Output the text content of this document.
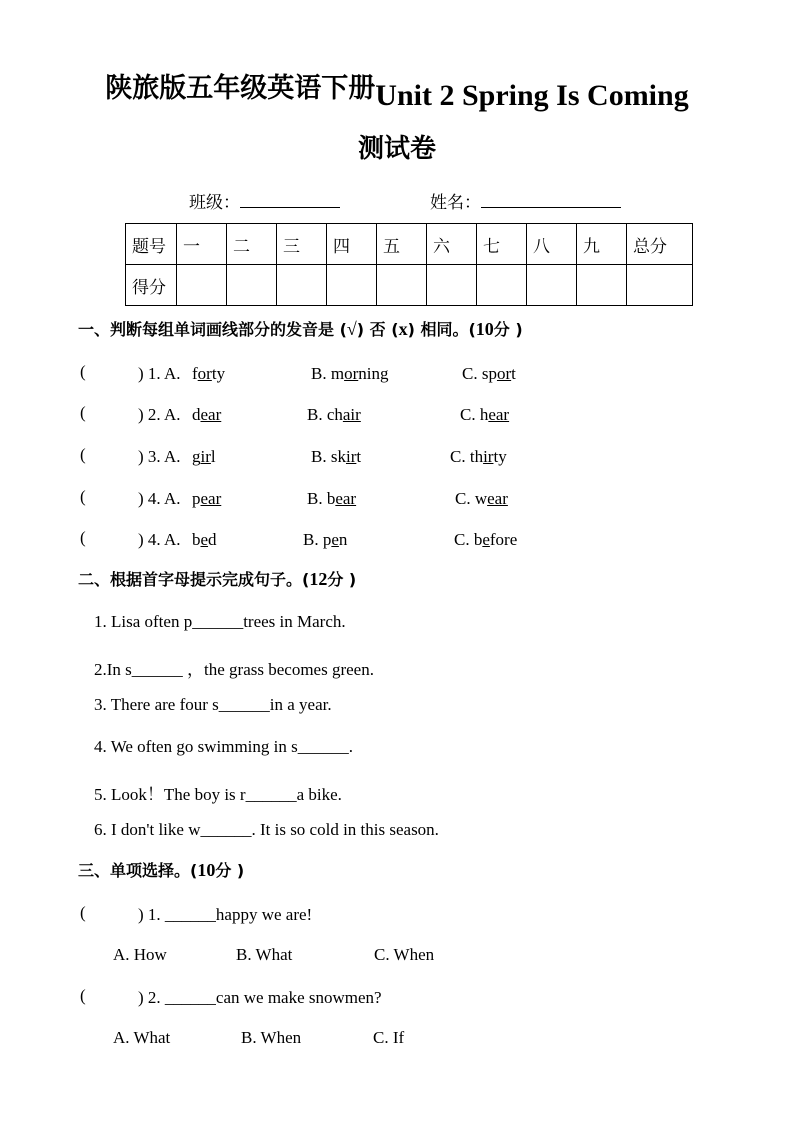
陕旅版五年级英语下册Unit 2 Spring Is Coming
测试卷
班级：	姓名：
题号	一	二	三	四	五	六	七	八	九	总分
得分										
一、判断每组单词画线部分的发音是 (√) 否 (x) 相同。(10分 )
(	) 1. A. forty	B. morning	C. sport
(	) 2. A. dear	B. chair	C. hear
(	) 3. A. girl	B. skirt	C. thirty
(	) 4. A. pear	B. bear	C. wear
(	) 4. A. bed	B. pen	C. before
二、根据首字母提示完成句子。(12分 )
1. Lisa often p______trees in March.
2.In s______ ，the grass becomes green.
3. There are four s______in a year.
4. We often go swimming in s______.
5. Look！The boy is r______a bike.
6. I don't like w______. It is so cold in this season.
三、单项选择。(10分 )
(	) 1. ______happy we are!
A. How	B. What	C. When
(	) 2. ______can we make snowmen?
A. What	B. When	C. If
